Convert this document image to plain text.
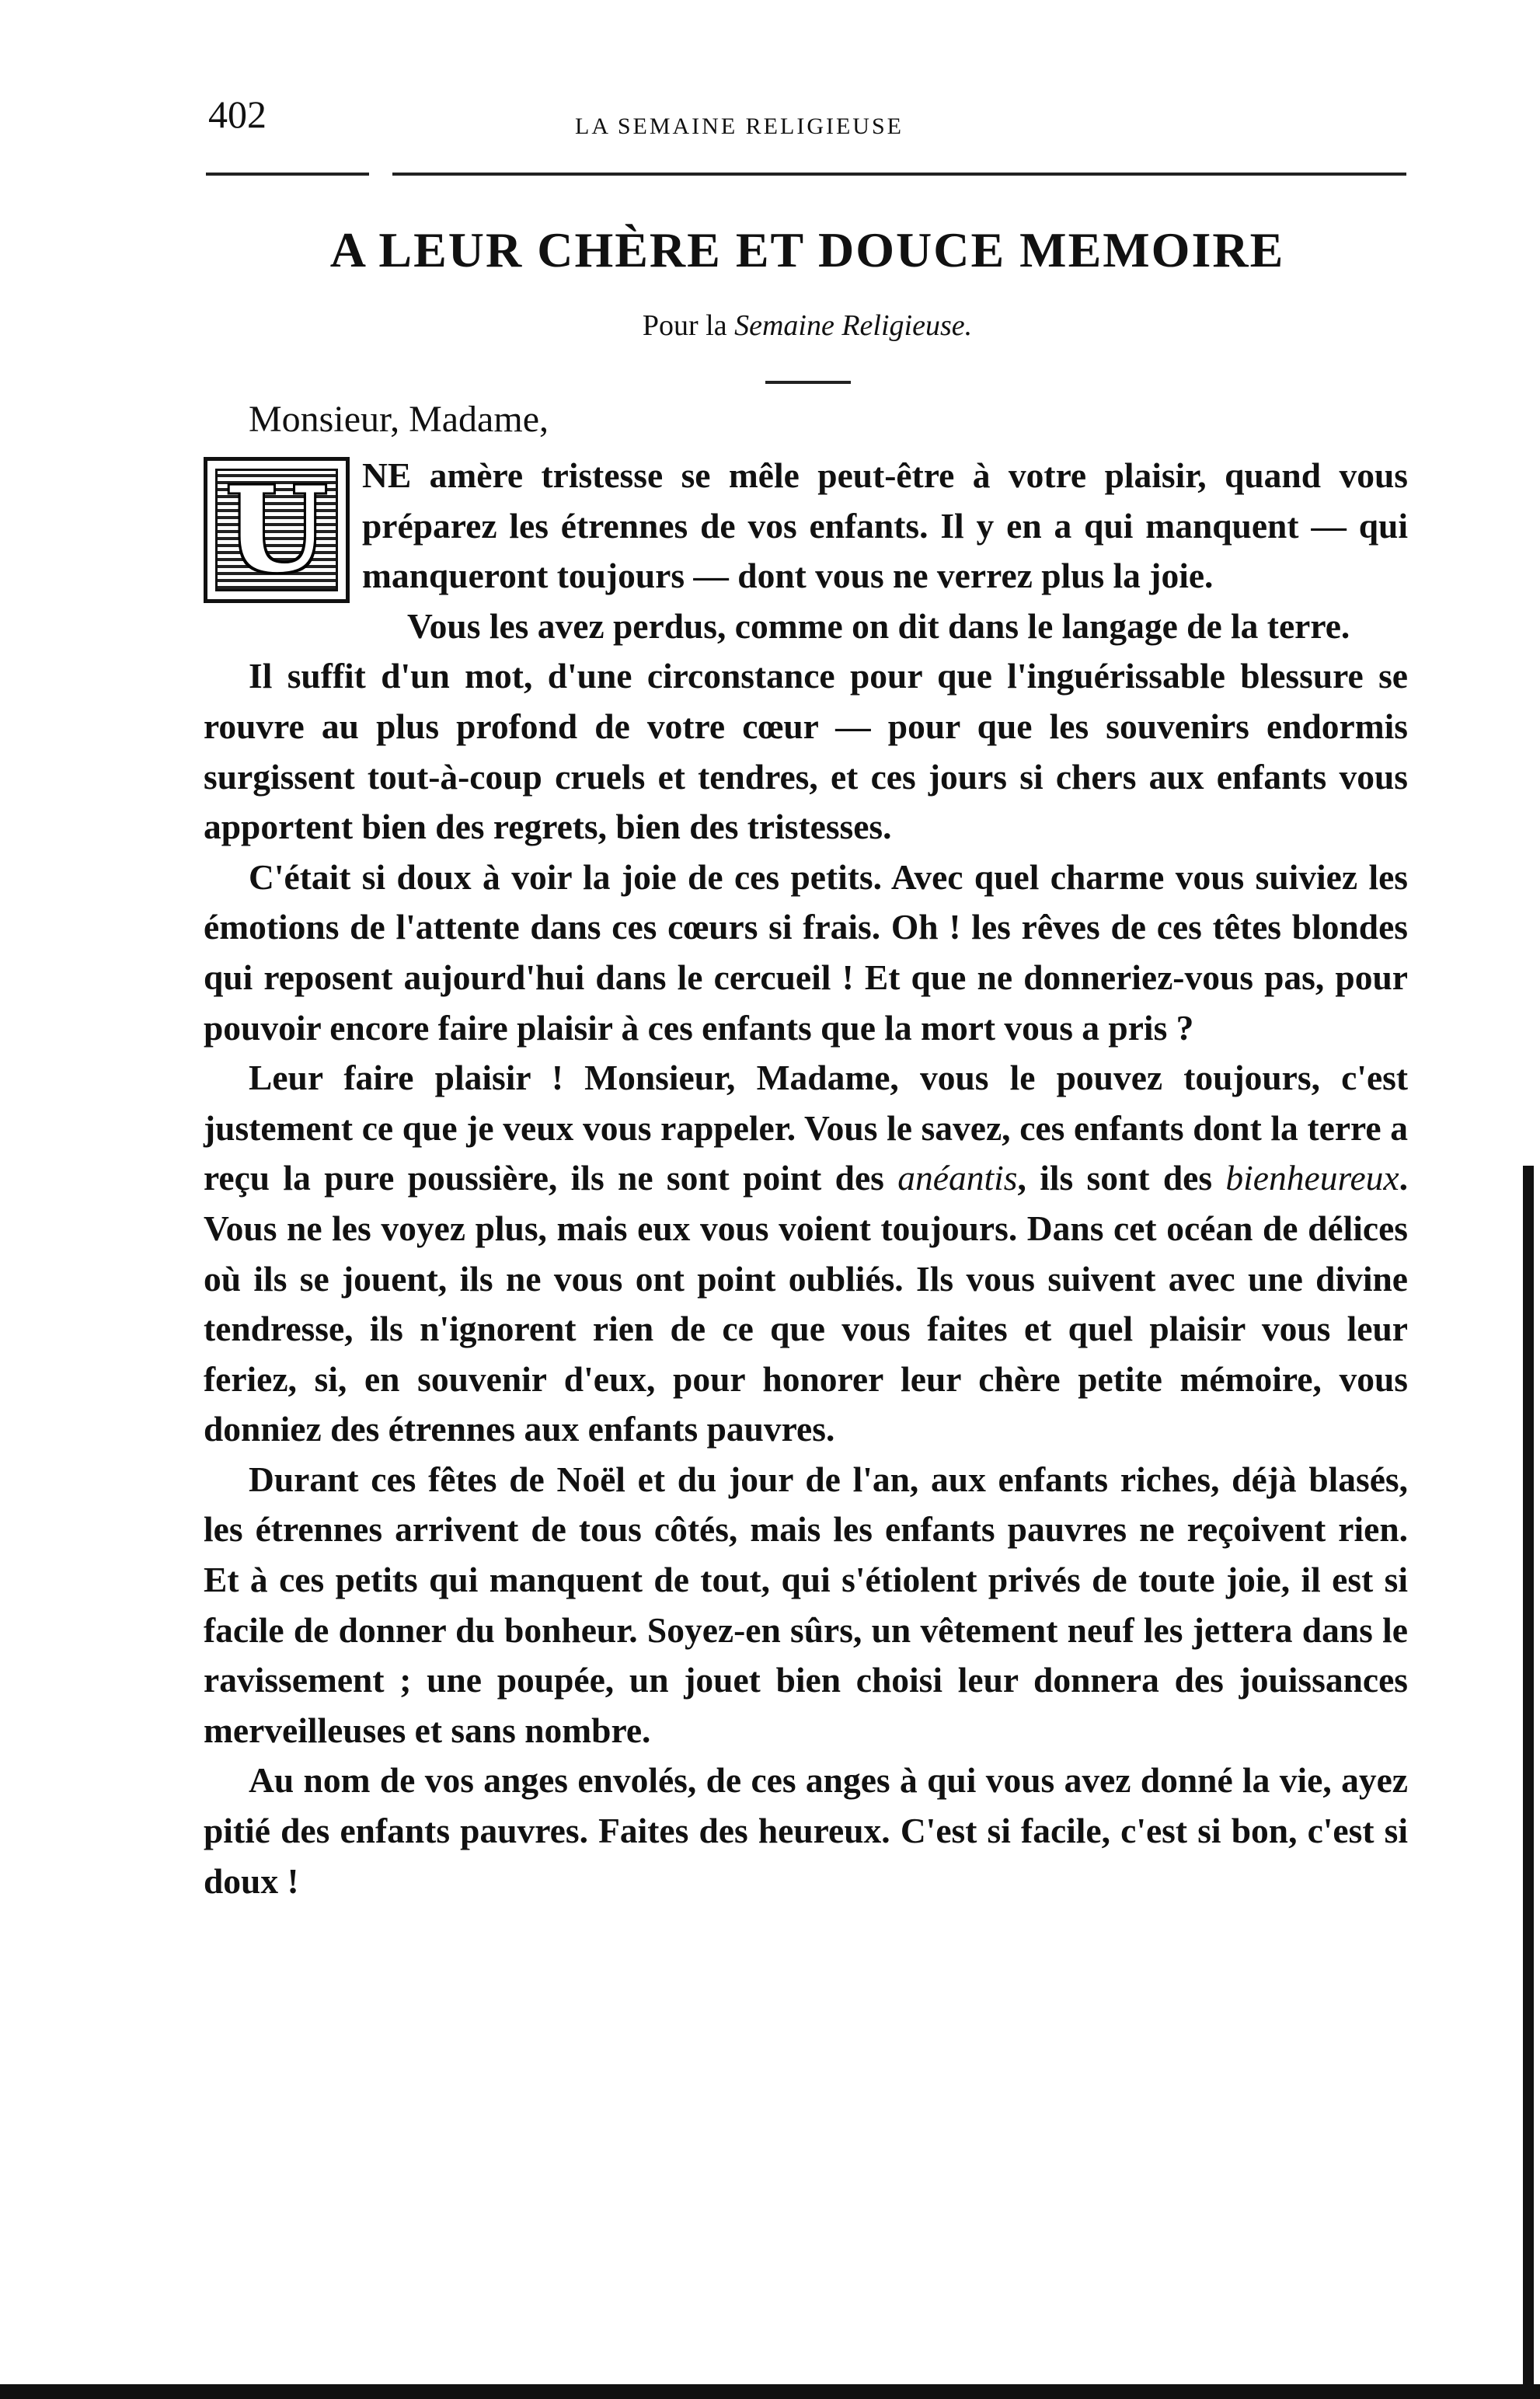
402	LA SEMAINE RELIGIEUSE
A LEUR CHÈRE ET DOUCE MEMOIRE
Pour la Semaine Religieuse.
Monsieur, Madame,

U NE amère tristesse se mêle peut-être à votre plaisir, quand vous préparez les étrennes de vos enfants. Il y en a qui manquent — qui manqueront toujours — dont vous ne verrez plus la joie.

Vous les avez perdus, comme on dit dans le langage de la terre.

Il suffit d'un mot, d'une circonstance pour que l'inguérissable blessure se rouvre au plus profond de votre cœur — pour que les souvenirs endormis surgissent tout-à-coup cruels et tendres, et ces jours si chers aux enfants vous apportent bien des regrets, bien des tristesses.

C'était si doux à voir la joie de ces petits. Avec quel charme vous suiviez les émotions de l'attente dans ces cœurs si frais. Oh ! les rêves de ces têtes blondes qui reposent aujourd'hui dans le cercueil ! Et que ne donneriez-vous pas, pour pouvoir encore faire plaisir à ces enfants que la mort vous a pris ?

Leur faire plaisir ! Monsieur, Madame, vous le pouvez toujours, c'est justement ce que je veux vous rappeler. Vous le savez, ces enfants dont la terre a reçu la pure poussière, ils ne sont point des anéantis, ils sont des bienheureux. Vous ne les voyez plus, mais eux vous voient toujours. Dans cet océan de délices où ils se jouent, ils ne vous ont point oubliés. Ils vous suivent avec une divine tendresse, ils n'ignorent rien de ce que vous faites et quel plaisir vous leur feriez, si, en souvenir d'eux, pour honorer leur chère petite mémoire, vous donniez des étrennes aux enfants pauvres.

Durant ces fêtes de Noël et du jour de l'an, aux enfants riches, déjà blasés, les étrennes arrivent de tous côtés, mais les enfants pauvres ne reçoivent rien. Et à ces petits qui manquent de tout, qui s'étiolent privés de toute joie, il est si facile de donner du bonheur. Soyez-en sûrs, un vêtement neuf les jettera dans le ravissement ; une poupée, un jouet bien choisi leur donnera des jouissances merveilleuses et sans nombre.

Au nom de vos anges envolés, de ces anges à qui vous avez donné la vie, ayez pitié des enfants pauvres. Faites des heureux. C'est si facile, c'est si bon, c'est si doux !
